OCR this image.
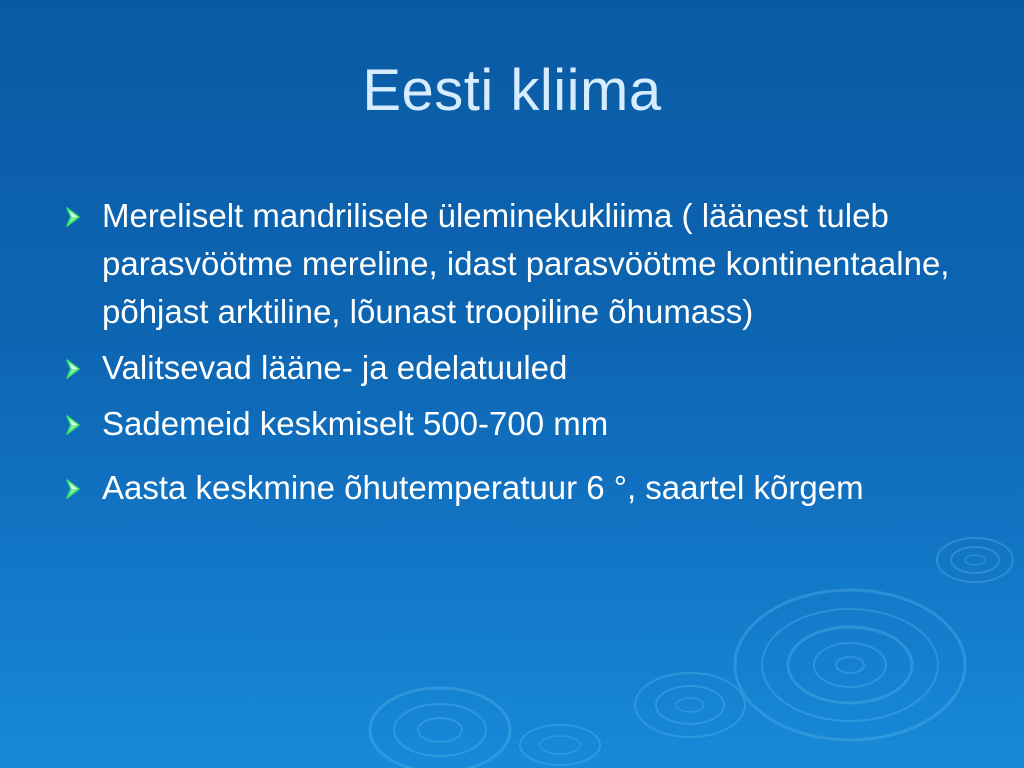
Eesti kliima
Mereliselt mandrilisele üleminekukliima ( läänest tuleb parasvöötme mereline, idast parasvöötme kontinentaalne, põhjast arktiline, lõunast troopiline õhumass)
Valitsevad lääne- ja edelatuuled
Sademeid keskmiselt 500-700 mm
Aasta keskmine õhutemperatuur 6 °, saartel kõrgem
